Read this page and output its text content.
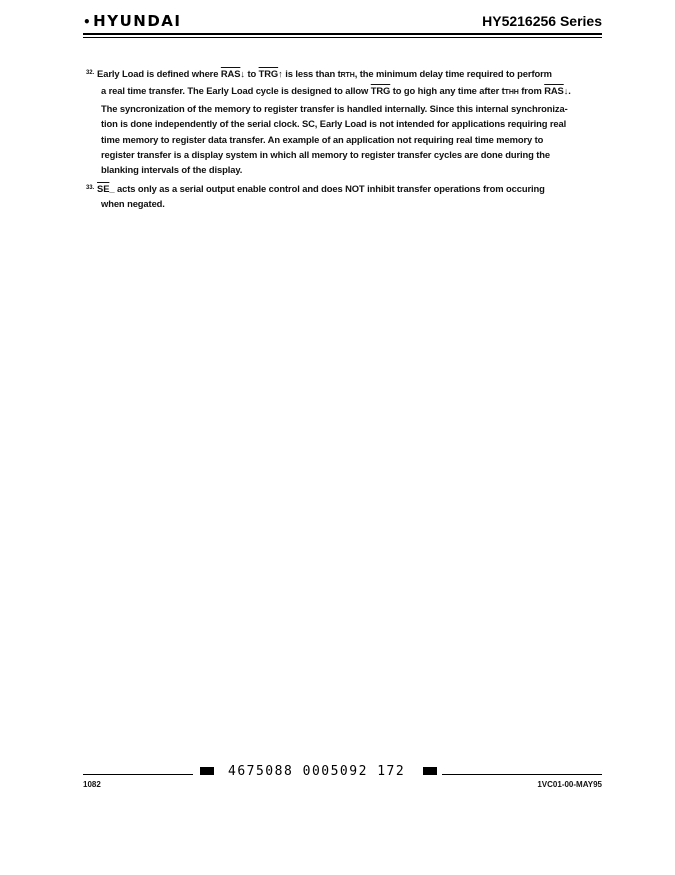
•HYUNDAI	HY5216256 Series

$^{32.}$ Early Load is defined where $\overline{RAS}↓$ to $\overline{TRG}↑$ is less than tRTH, the minimum delay time required to perform

a real time transfer. The Early Load cycle is designed to allow $\overline{TRG}$ to go high any time after tTHH from $\overline{RAS}↓$.

The syncronization of the memory to register transfer is handled internally. Since this internal synchroniza-

tion is done independently of the serial clock. SC, Early Load is not intended for applications requiring real

time memory to register data transfer. An example of an application not requiring real time memory to

register transfer is a display system in which all memory to register transfer cycles are done during the

blanking intervals of the display.

$^{33.}$ $\overline{SE}\_$ acts only as a serial output enable control and does NOT inhibit transfer operations from occuring

when negated.

4675088 0005092 172
1082	1VC01-00-MAY95
